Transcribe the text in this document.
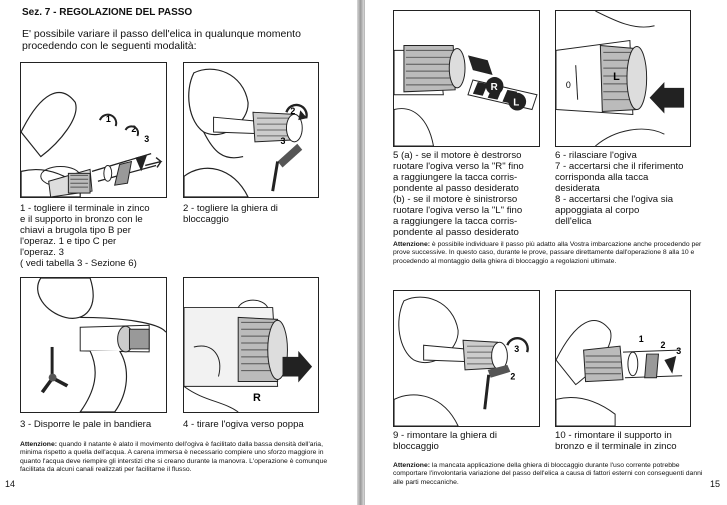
Sez. 7 - REGOLAZIONE DEL PASSO
E' possibile variare il passo dell'elica in qualunque momento procedendo con le seguenti modalità:
1
2
3
2
3
1 - togliere il terminale in zinco
e il supporto in bronzo con le
chiavi a brugola tipo B per
l'operaz. 1 e tipo C per
l'operaz. 3
( vedi tabella 3 - Sezione 6)
2 - togliere la ghiera di
bloccaggio
R
3 - Disporre le pale in bandiera	4 - tirare l'ogiva verso poppa
Attenzione: quando il natante è alato il movimento dell'ogiva è facilitato dalla bassa densità dell'aria, minima rispetto a quella dell'acqua. A carena immersa è necessario compiere uno sforzo maggiore in quanto l'acqua deve riempire gli interstizi che si creano durante la manovra. L'operazione è comunque facilitata da alcuni canali realizzati per facilitarne il flusso.
14
R
L
0
L
5 (a) - se il motore è destrorso
ruotare l'ogiva verso la "R" fino
a raggiungere la tacca corris-
pondente al passo desiderato
(b) - se il motore è sinistrorso
ruotare l'ogiva verso la "L" fino
a raggiungere la tacca corris-
pondente al passo desiderato
6 - rilasciare l'ogiva
7 - accertarsi che il riferimento
corrisponda alla tacca
desiderata
8 - accertarsi che l'ogiva sia
appoggiata al corpo
dell'elica
Attenzione: è possibile individuare il passo più adatto alla Vostra imbarcazione anche procedendo per prove successive. In questo caso, durante le prove, passare direttamente dall'operazione 8 alla 10 e procedendo al montaggio della ghiera di bloccaggio a regolazioni ultimate.
3
2
1
2
3
9 - rimontare la ghiera di
bloccaggio
10 - rimontare il supporto in
bronzo e il terminale in zinco
Attenzione: la mancata applicazione della ghiera di bloccaggio durante l'uso corrente potrebbe comportare l'involontaria variazione del passo dell'elica a causa di fattori esterni con conseguenti danni alle parti meccaniche.	15
